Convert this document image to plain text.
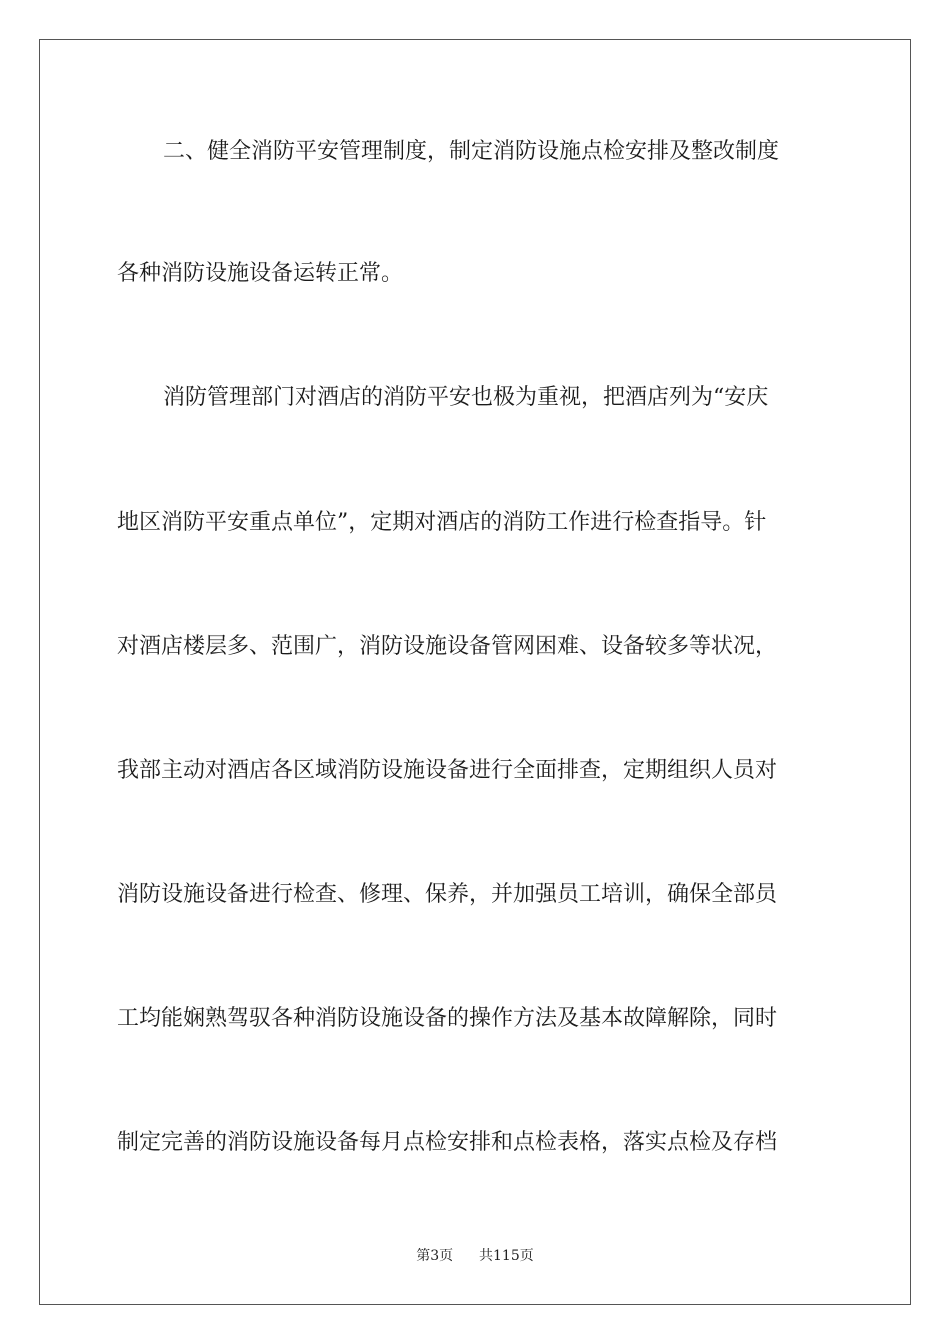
二、健全消防平安管理制度，制定消防设施点检安排及整改制度
各种消防设施设备运转正常。
消防管理部门对酒店的消防平安也极为重视，把酒店列为“安庆
地区消防平安重点单位”，定期对酒店的消防工作进行检查指导。针
对酒店楼层多、范围广，消防设施设备管网困难、设备较多等状况，
我部主动对酒店各区域消防设施设备进行全面排查，定期组织人员对
消防设施设备进行检查、修理、保养，并加强员工培训，确保全部员
工均能娴熟驾驭各种消防设施设备的操作方法及基本故障解除，同时
制定完善的消防设施设备每月点检安排和点检表格，落实点检及存档
第3页 共115页
